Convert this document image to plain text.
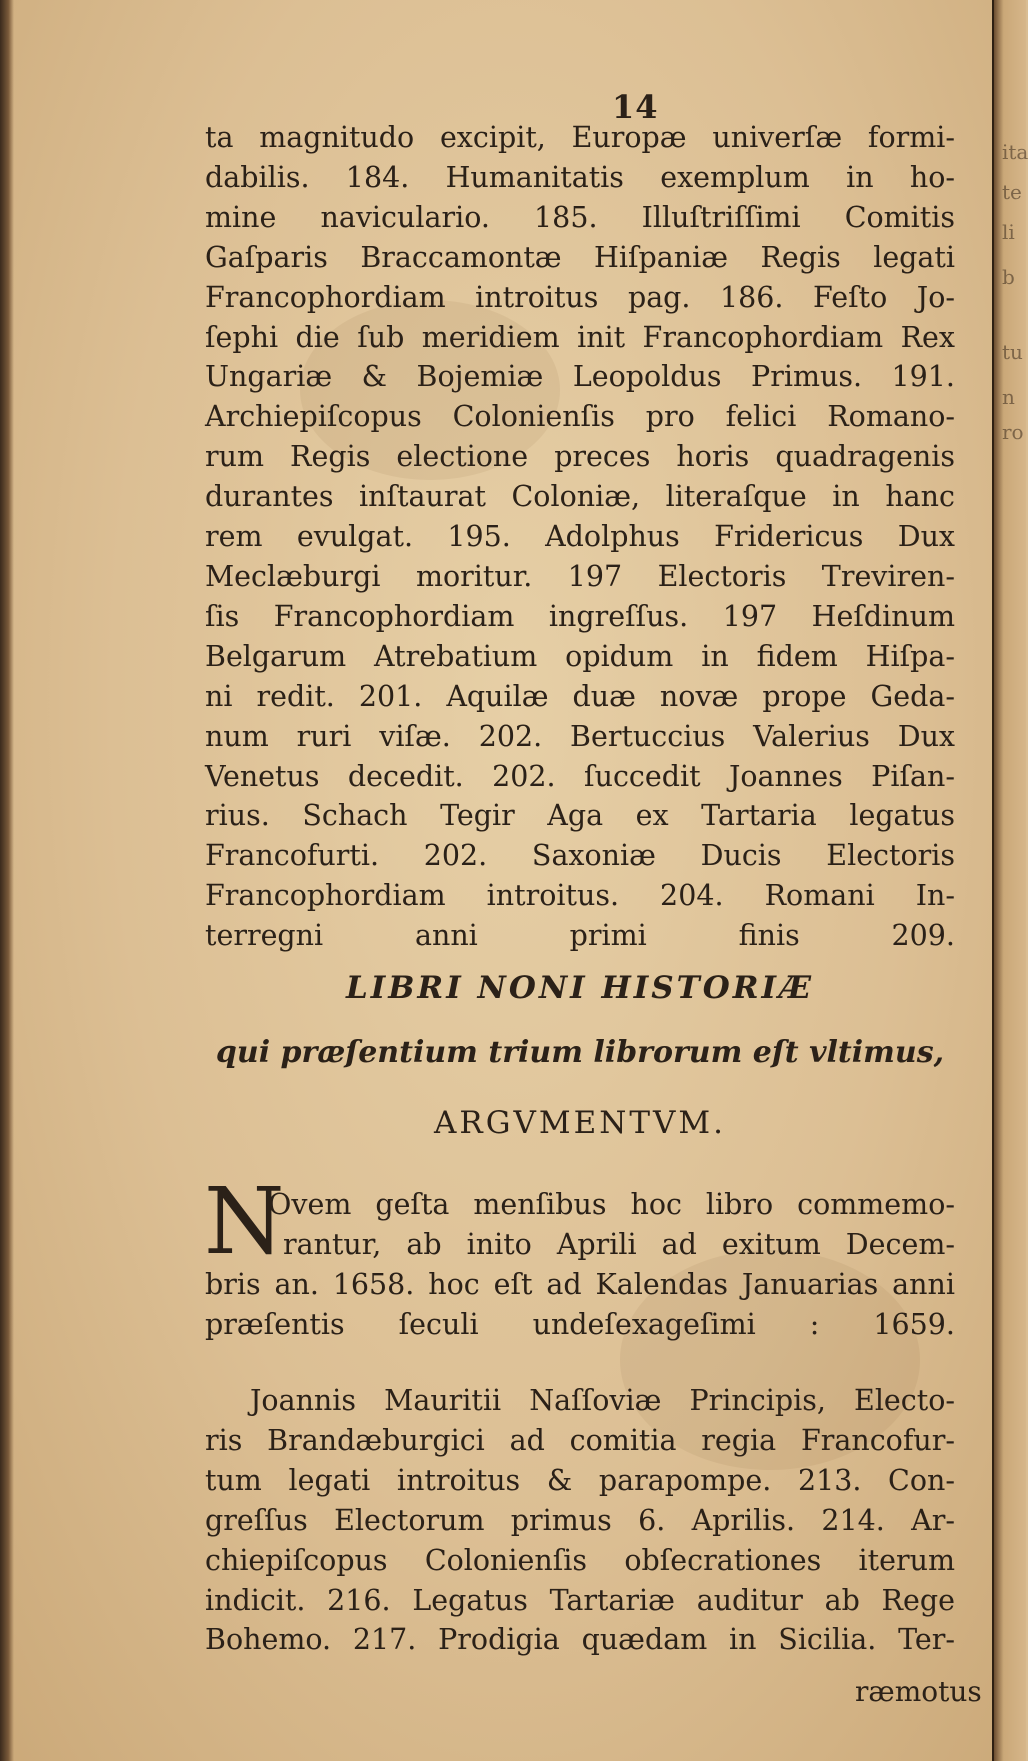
ita
te
li
b
tu
n
ro
14
ta magnitudo excipit, Europæ univerſæ formi-
dabilis. 184. Humanitatis exemplum in ho-
mine naviculario. 185. Illuſtriſſimi Comitis
Gaſparis Braccamontæ Hiſpaniæ Regis legati
Francophordiam introitus pag. 186. Feſto Jo-
ſephi die ſub meridiem init Francophordiam Rex
Ungariæ & Bojemiæ Leopoldus Primus. 191.
Archiepiſcopus Colonienſis pro felici Romano-
rum Regis electione preces horis quadragenis
durantes inſtaurat Coloniæ, literaſque in hanc
rem evulgat. 195. Adolphus Fridericus Dux
Meclæburgi moritur. 197 Electoris Treviren-
ſis Francophordiam ingreſſus. 197 Heſdinum
Belgarum Atrebatium opidum in fidem Hiſpa-
ni redit. 201. Aquilæ duæ novæ prope Geda-
num ruri viſæ. 202. Bertuccius Valerius Dux
Venetus decedit. 202. ſuccedit Joannes Piſan-
rius. Schach Tegir Aga ex Tartaria legatus
Francofurti. 202. Saxoniæ Ducis Electoris
Francophordiam introitus. 204. Romani In-
terregni anni primi finis 209.
LIBRI NONI HISTORIÆ
qui præſentium trium librorum eſt vltimus,
ARGVMENTVM.
N
Ovem geſta menſibus hoc libro commemo-
rantur, ab inito Aprili ad exitum Decem-
bris an. 1658. hoc eſt ad Kalendas Januarias anni
præſentis ſeculi undeſexageſimi : 1659.
Joannis Mauritii Naſſoviæ Principis, Electo-
ris Brandæburgici ad comitia regia Francofur-
tum legati introitus & parapompe. 213. Con-
greſſus Electorum primus 6. Aprilis. 214. Ar-
chiepiſcopus Colonienſis obſecrationes iterum
indicit. 216. Legatus Tartariæ auditur ab Rege
Bohemo. 217. Prodigia quædam in Sicilia. Ter-
ræmotus
